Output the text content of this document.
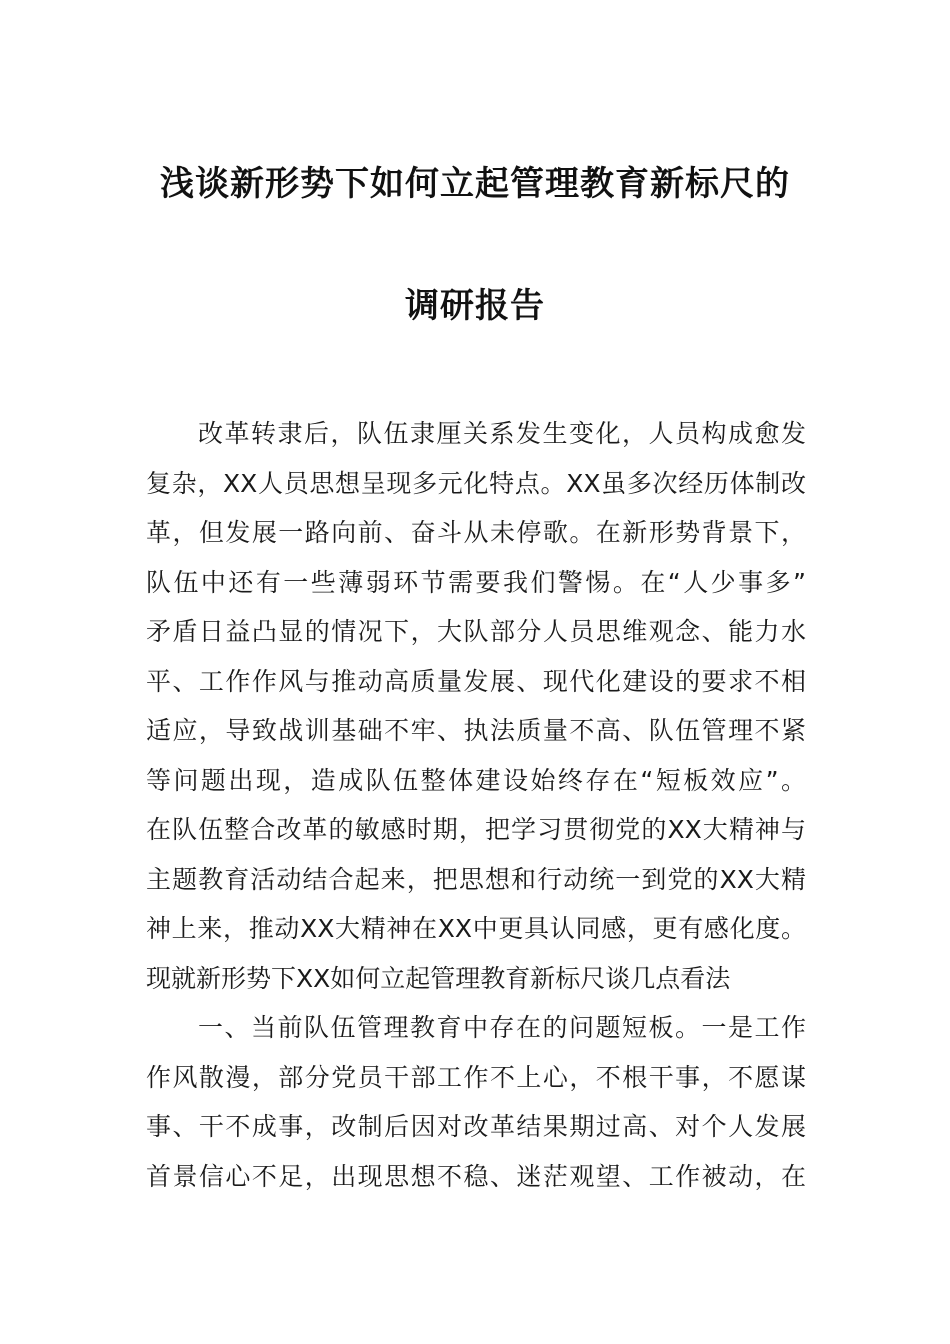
浅谈新形势下如何立起管理教育新标尺的
调研报告
改革转隶后，队伍隶厘关系发生变化，人员构成愈发
复杂，XX人员思想呈现多元化特点。XX虽多次经历体制改
革，但发展一路向前、奋斗从未停歌。在新形势背景下，
队伍中还有一些薄弱环节需要我们警惕。在“人少事多”
矛盾日益凸显的情况下，大队部分人员思维观念、能力水
平、工作作风与推动高质量发展、现代化建设的要求不相
适应，导致战训基础不牢、执法质量不高、队伍管理不紧
等问题出现，造成队伍整体建设始终存在“短板效应”。
在队伍整合改革的敏感时期，把学习贯彻党的XX大精神与
主题教育活动结合起来，把思想和行动统一到党的XX大精
神上来，推动XX大精神在XX中更具认同感，更有感化度。
现就新形势下XX如何立起管理教育新标尺谈几点看法
一、当前队伍管理教育中存在的问题短板。一是工作
作风散漫，部分党员干部工作不上心，不根干事，不愿谋
事、干不成事，改制后因对改革结果期过高、对个人发展
首景信心不足，出现思想不稳、迷茫观望、工作被动，在
